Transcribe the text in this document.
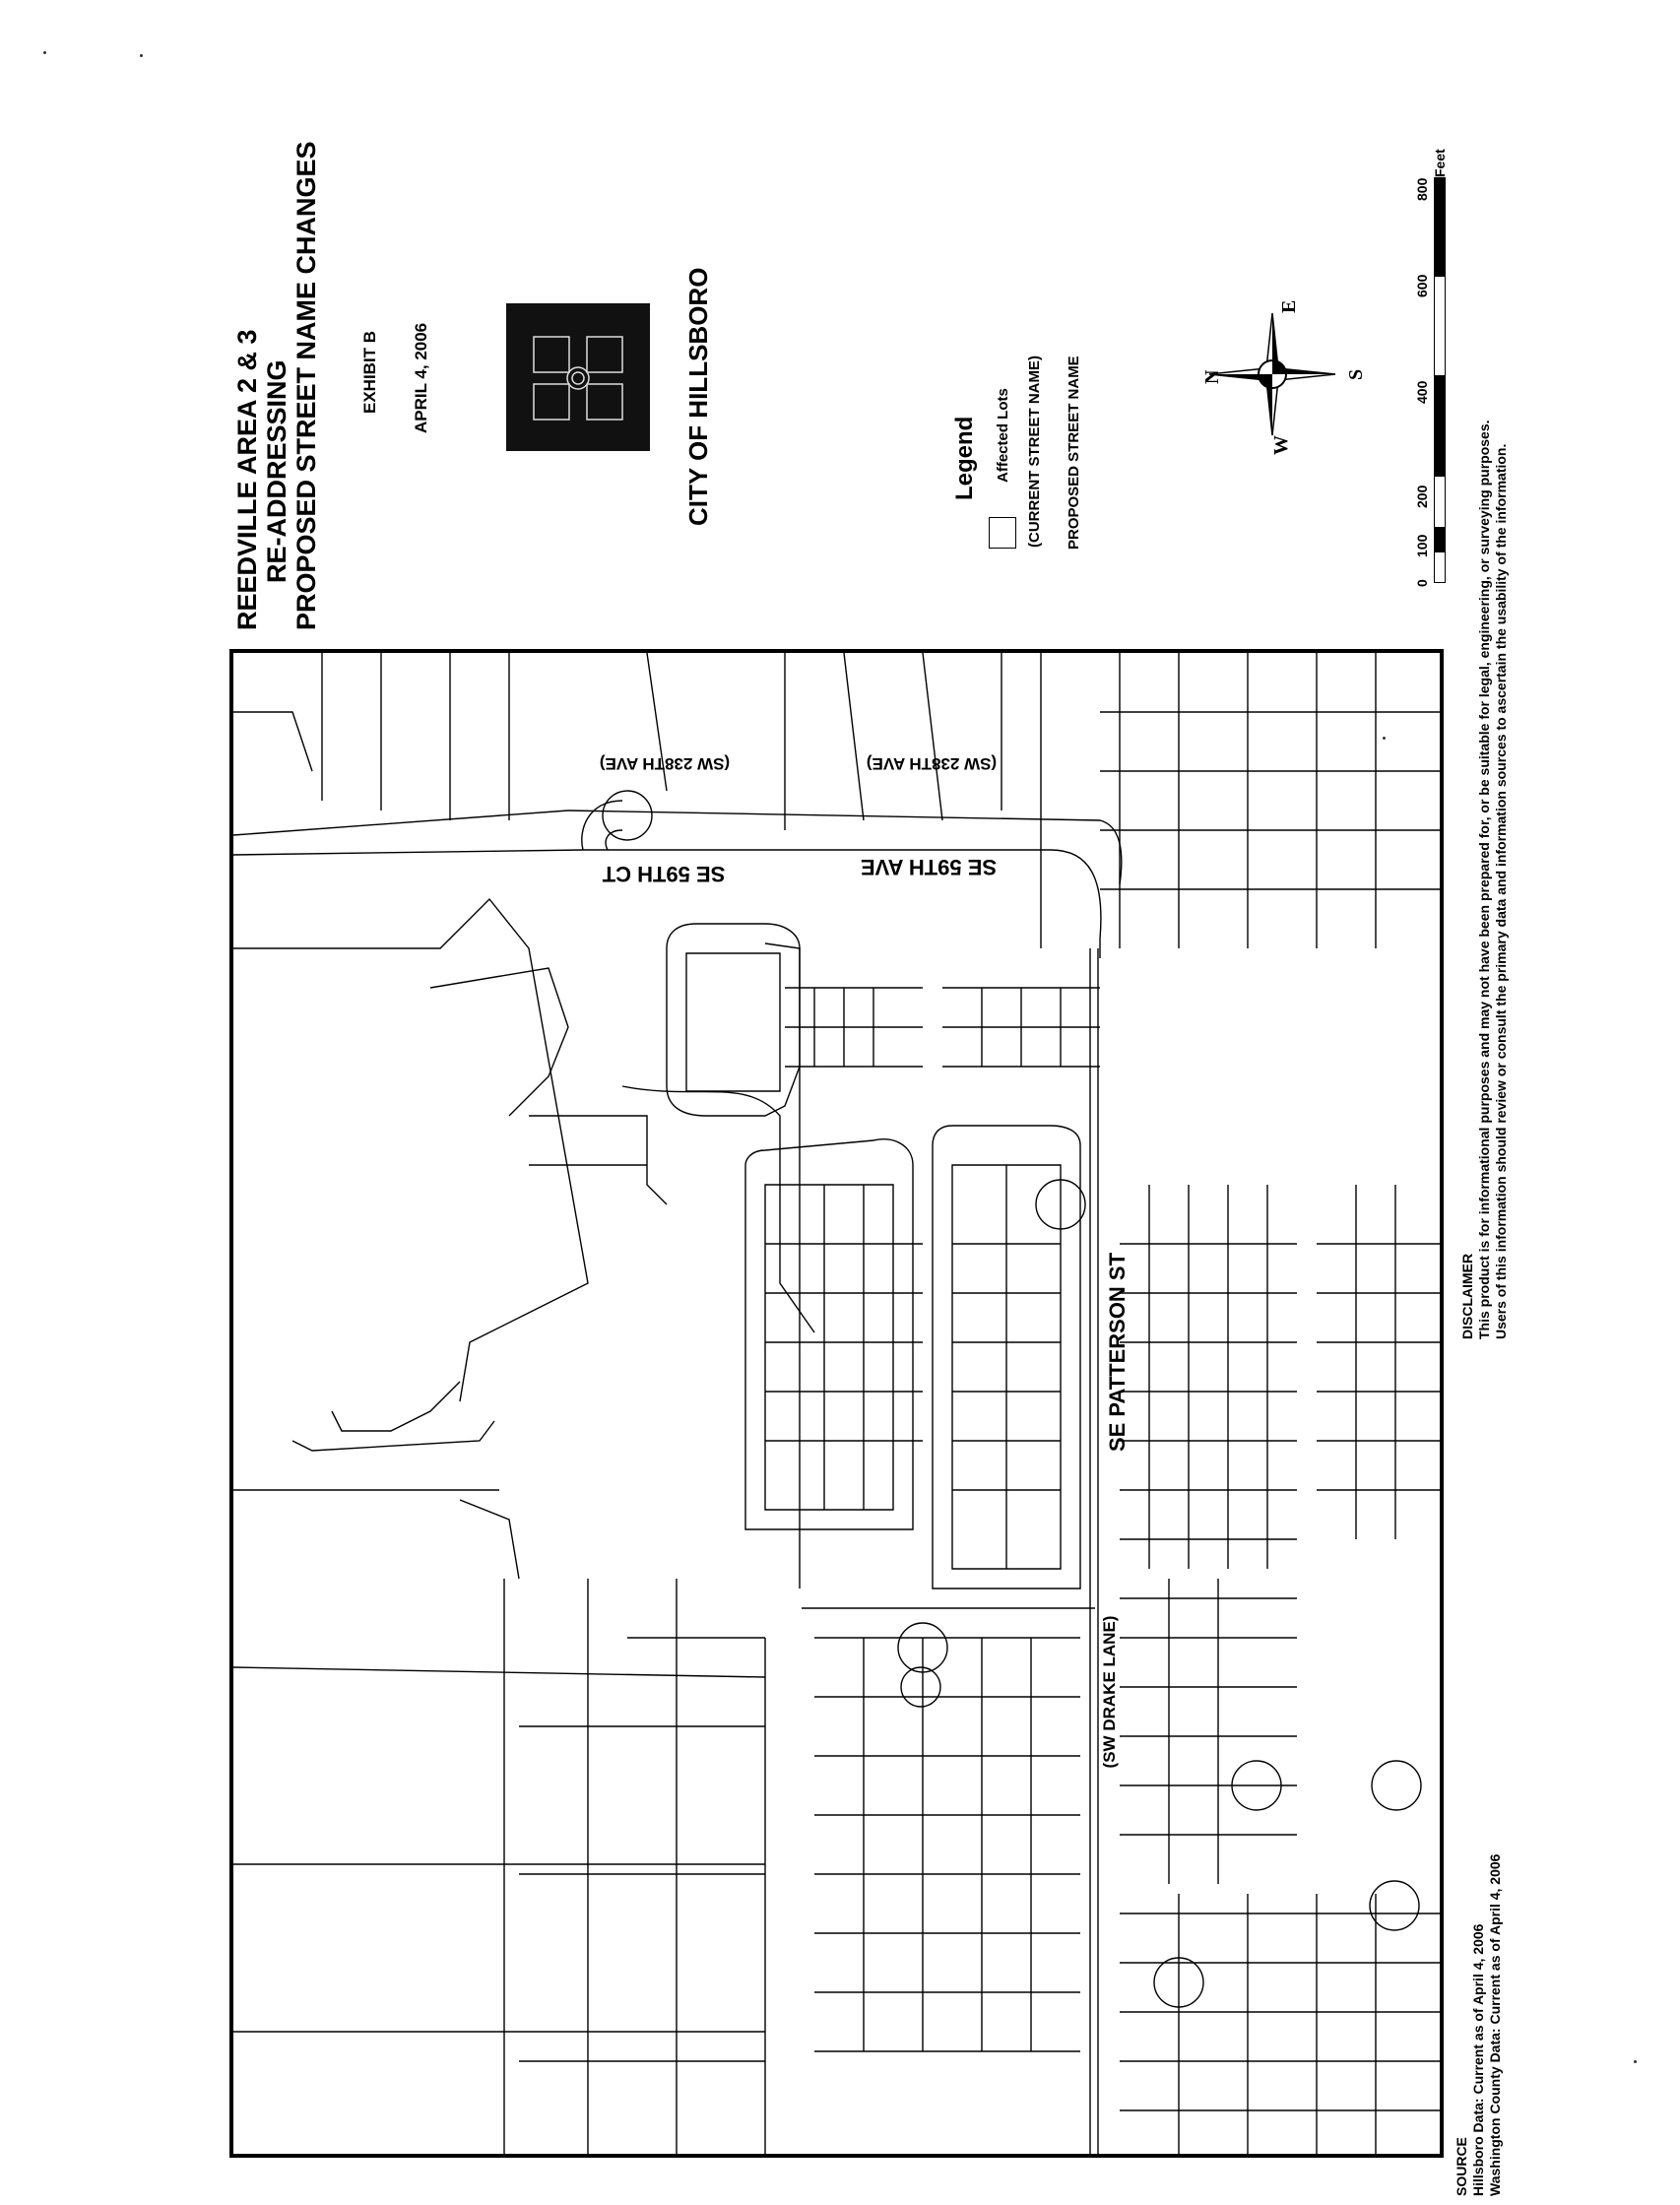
REEDVILLE AREA 2 & 3 RE-ADDRESSING PROPOSED STREET NAME CHANGES EXHIBIT B APRIL 4, 2006	CITY OF HILLSBORO	Legend Affected Lots (CURRENT STREET NAME) PROPOSED STREET NAME	N
E
S
W
0
100
200
400
600
800
Feet
DISCLAIMER This product is for informational purposes and may not have been prepared for, or be suitable for legal, engineering, or surveying purposes. Users of this information should review or consult the primary data and information sources to ascertain the usability of the information.
SOURCE Hillsboro Data: Current as of April 4, 2006 Washington County Data: Current as of April 4, 2006
(SW 238TH AVE)	(SW 238TH AVE)
SE 59TH CT	SE 59TH AVE
SE PATTERSON ST
(SW DRAKE LANE)
